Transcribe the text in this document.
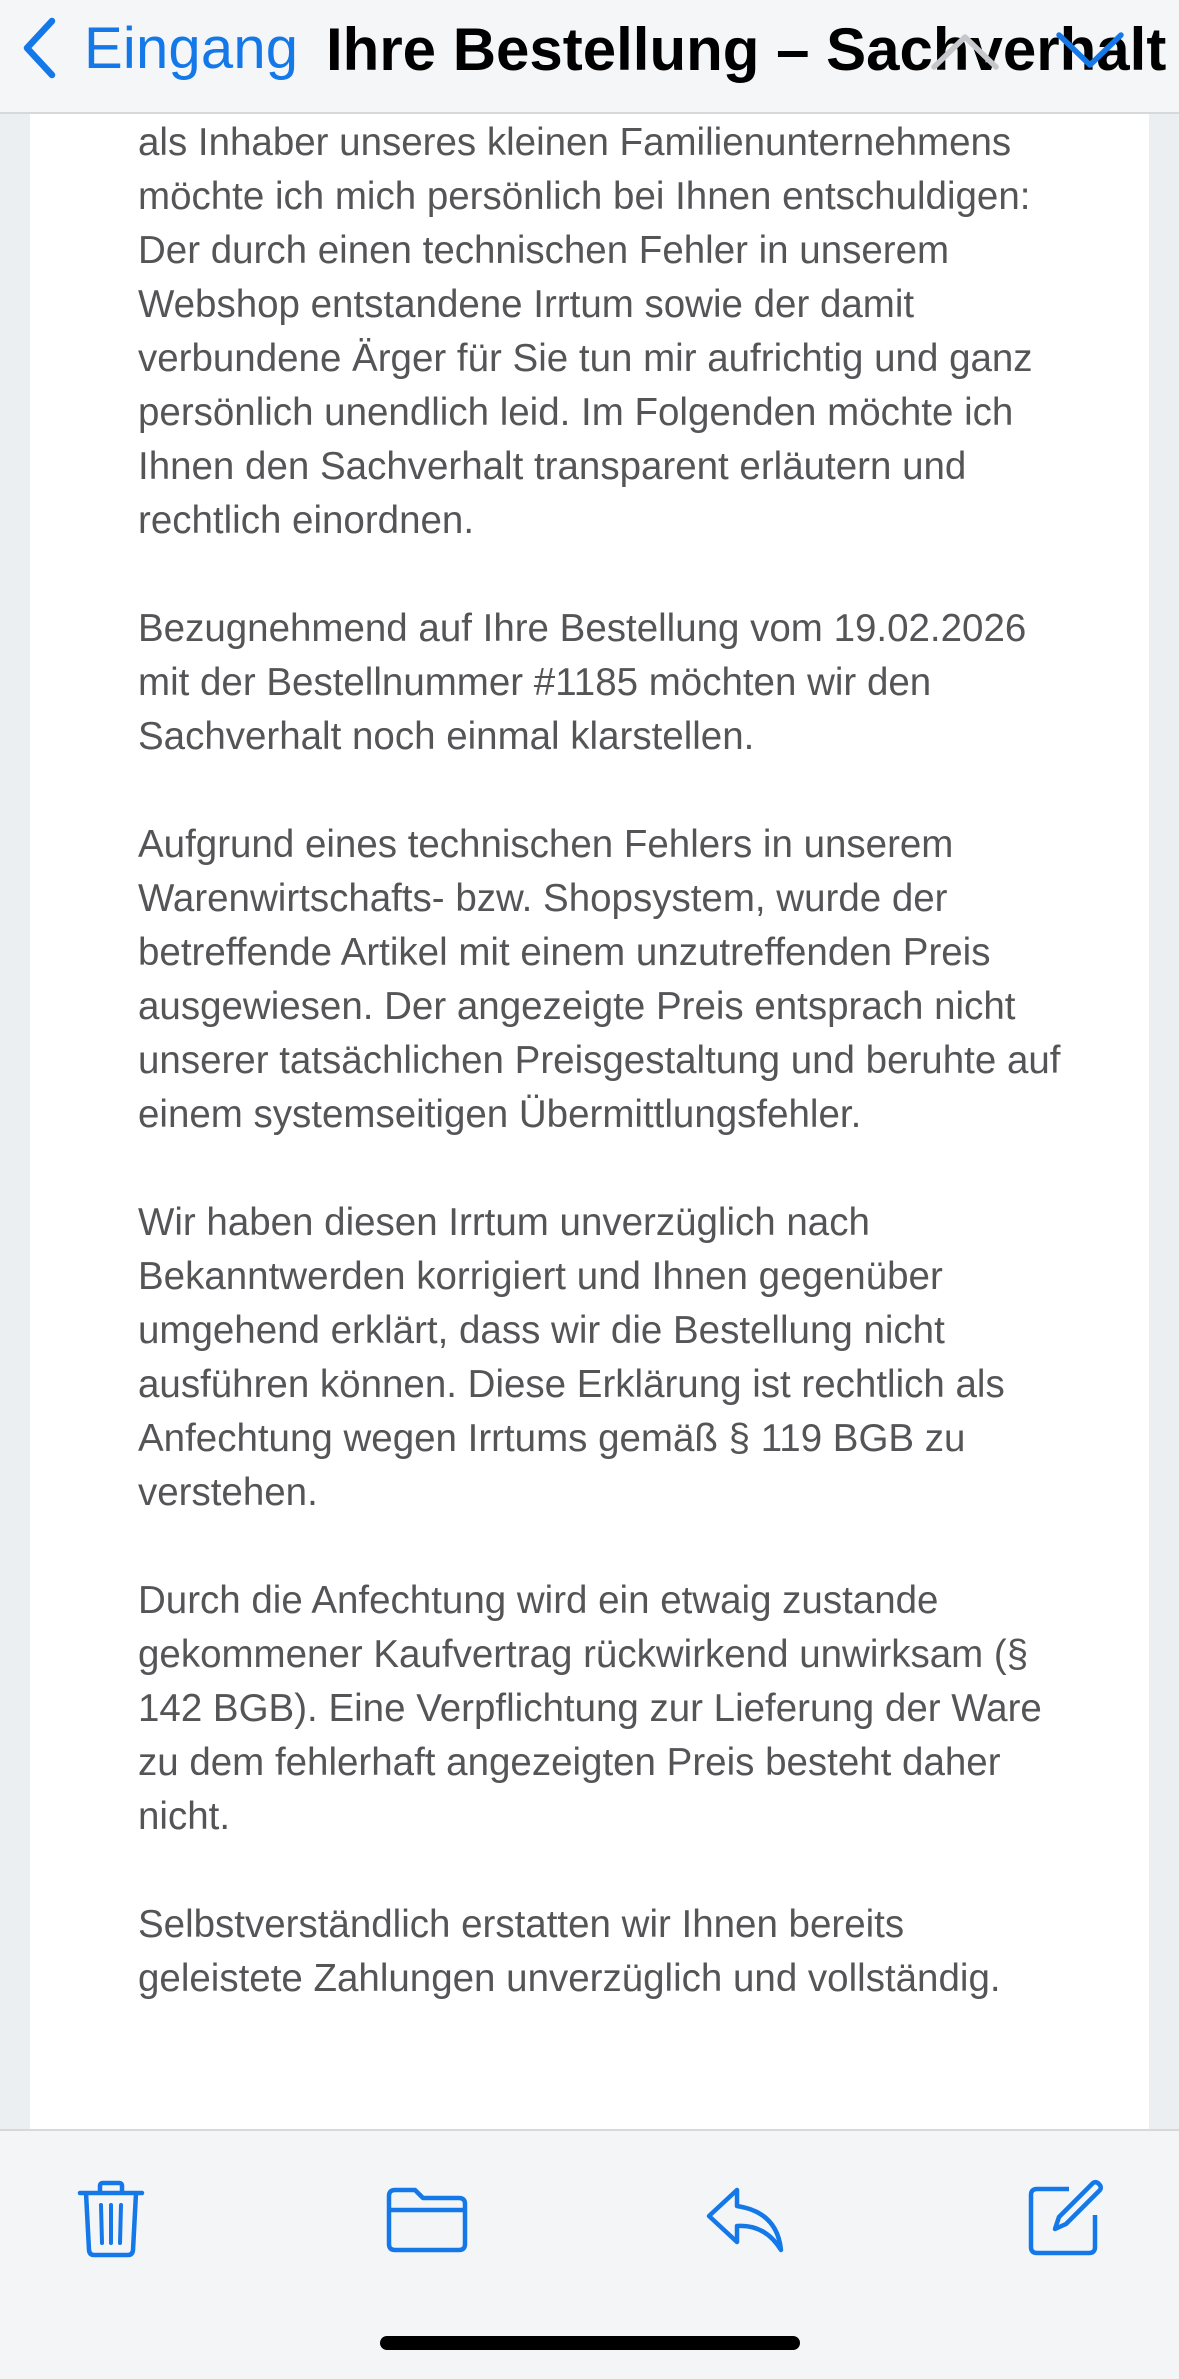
Eingang Ihre Bestellung – Sachverhalt

als Inhaber unseres kleinen Familienunternehmens möchte ich mich persönlich bei Ihnen entschuldigen: Der durch einen technischen Fehler in unserem Webshop entstandene Irrtum sowie der damit verbundene Ärger für Sie tun mir aufrichtig und ganz persönlich unendlich leid. Im Folgenden möchte ich Ihnen den Sachverhalt transparent erläutern und rechtlich einordnen.

Bezugnehmend auf Ihre Bestellung vom 19.02.2026 mit der Bestellnummer #1185 möchten wir den Sachverhalt noch einmal klarstellen.

Aufgrund eines technischen Fehlers in unserem Warenwirtschafts- bzw. Shopsystem, wurde der betreffende Artikel mit einem unzutreffenden Preis ausgewiesen. Der angezeigte Preis entsprach nicht unserer tatsächlichen Preisgestaltung und beruhte auf einem systemseitigen Übermittlungsfehler.

Wir haben diesen Irrtum unverzüglich nach Bekanntwerden korrigiert und Ihnen gegenüber umgehend erklärt, dass wir die Bestellung nicht ausführen können. Diese Erklärung ist rechtlich als Anfechtung wegen Irrtums gemäß § 119 BGB zu verstehen.

Durch die Anfechtung wird ein etwaig zustande gekommener Kaufvertrag rückwirkend unwirksam (§ 142 BGB). Eine Verpflichtung zur Lieferung der Ware zu dem fehlerhaft angezeigten Preis besteht daher nicht.

Selbstverständlich erstatten wir Ihnen bereits geleistete Zahlungen unverzüglich und vollständig.
